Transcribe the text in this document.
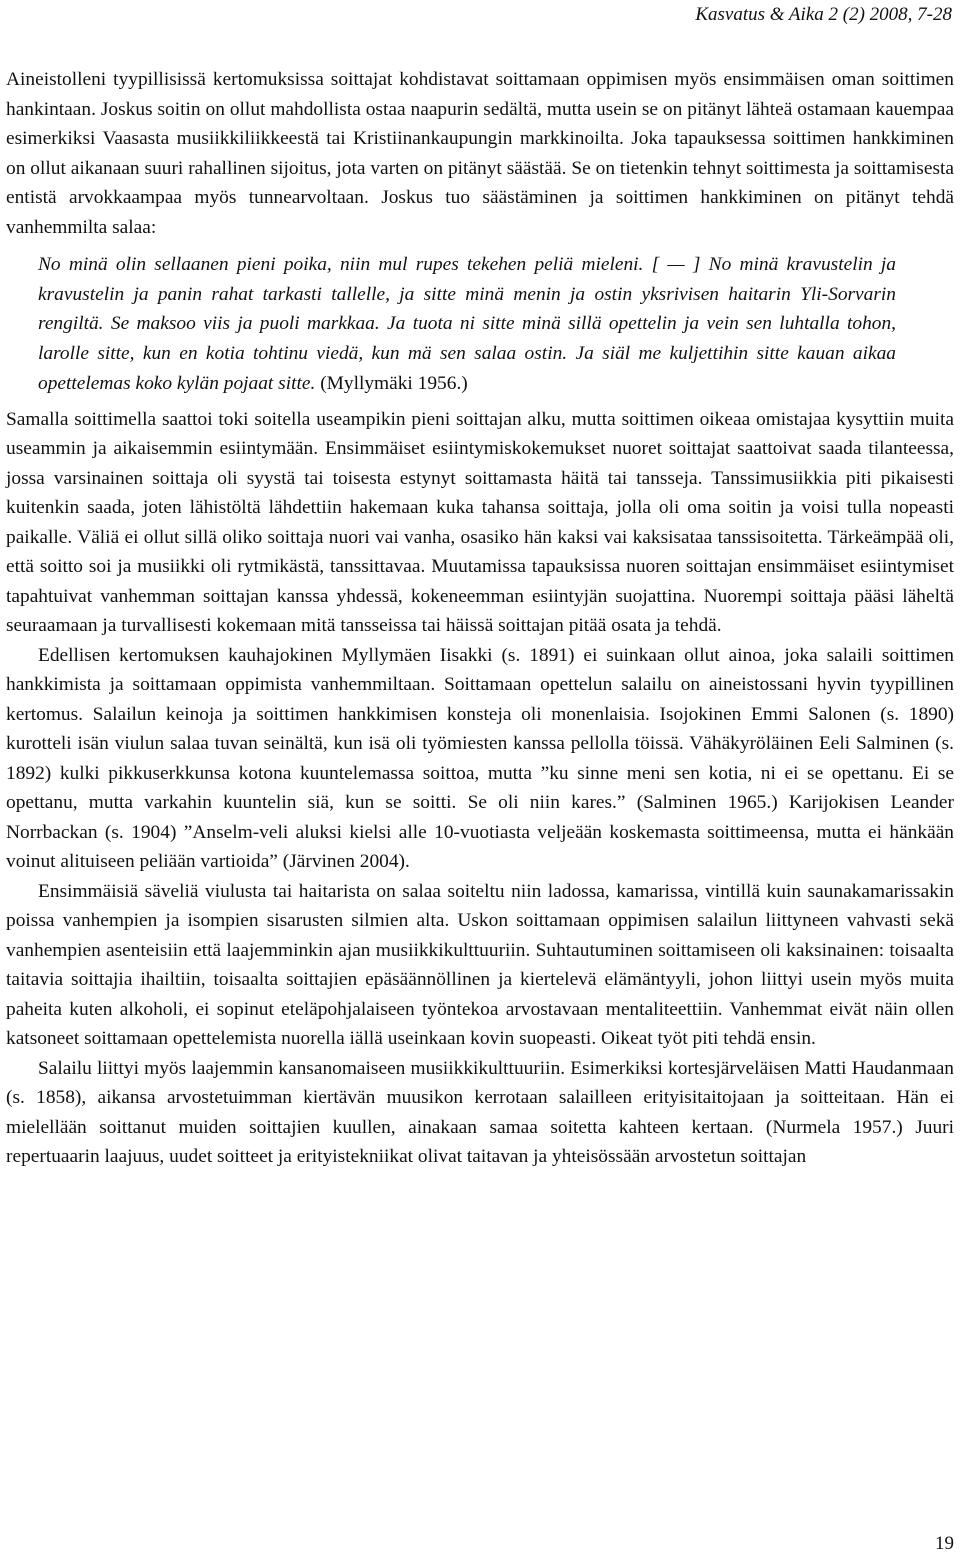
Kasvatus & Aika 2 (2) 2008, 7-28

Aineistolleni tyypillisissä kertomuksissa soittajat kohdistavat soittamaan oppimisen myös ensimmäisen oman soittimen hankintaan. Joskus soitin on ollut mahdollista ostaa naapurin sedältä, mutta usein se on pitänyt lähteä ostamaan kauempaa esimerkiksi Vaasasta musiikkiliikkeestä tai Kristiinankaupungin markkinoilta. Joka tapauksessa soittimen hankkiminen on ollut aikanaan suuri rahallinen sijoitus, jota varten on pitänyt säästää. Se on tietenkin tehnyt soittimesta ja soittamisesta entistä arvokkaampaa myös tunnearvoltaan. Joskus tuo säästäminen ja soittimen hankkiminen on pitänyt tehdä vanhemmilta salaa:

No minä olin sellaanen pieni poika, niin mul rupes tekehen peliä mieleni. [ — ] No minä kravustelin ja kravustelin ja panin rahat tarkasti tallelle, ja sitte minä menin ja ostin yksrivisen haitarin Yli-Sorvarin rengiltä. Se maksoo viis ja puoli markkaa. Ja tuota ni sitte minä sillä opettelin ja vein sen luhtalla tohon, larolle sitte, kun en kotia tohtinu viedä, kun mä sen salaa ostin. Ja siäl me kuljettihin sitte kauan aikaa opettelemas koko kylän pojaat sitte. (Myllymäki 1956.)

Samalla soittimella saattoi toki soitella useampikin pieni soittajan alku, mutta soittimen oikeaa omistajaa kysyttiin muita useammin ja aikaisemmin esiintymään. Ensimmäiset esiintymiskokemukset nuoret soittajat saattoivat saada tilanteessa, jossa varsinainen soittaja oli syystä tai toisesta estynyt soittamasta häitä tai tansseja. Tanssimusiikkia piti pikaisesti kuitenkin saada, joten lähistöltä lähdettiin hakemaan kuka tahansa soittaja, jolla oli oma soitin ja voisi tulla nopeasti paikalle. Väliä ei ollut sillä oliko soittaja nuori vai vanha, osasiko hän kaksi vai kaksisataa tanssisoitetta. Tärkeämpää oli, että soitto soi ja musiikki oli rytmikästä, tanssittavaa. Muutamissa tapauksissa nuoren soittajan ensimmäiset esiintymiset tapahtuivat vanhemman soittajan kanssa yhdessä, kokeneemman esiintyjän suojattina. Nuorempi soittaja pääsi läheltä seuraamaan ja turvallisesti kokemaan mitä tansseissa tai häissä soittajan pitää osata ja tehdä.

Edellisen kertomuksen kauhajokinen Myllymäen Iisakki (s. 1891) ei suinkaan ollut ainoa, joka salaili soittimen hankkimista ja soittamaan oppimista vanhemmiltaan. Soittamaan opettelun salailu on aineistossani hyvin tyypillinen kertomus. Salailun keinoja ja soittimen hankkimisen konsteja oli monenlaisia. Isojokinen Emmi Salonen (s. 1890) kurotteli isän viulun salaa tuvan seinältä, kun isä oli työmiesten kanssa pellolla töissä. Vähäkyröläinen Eeli Salminen (s. 1892) kulki pikkuserkkunsa kotona kuuntelemassa soittoa, mutta ”ku sinne meni sen kotia, ni ei se opettanu. Ei se opettanu, mutta varkahin kuuntelin siä, kun se soitti. Se oli niin kares.” (Salminen 1965.) Karijokisen Leander Norrbackan (s. 1904) ”Anselm-veli aluksi kielsi alle 10-vuotiasta veljeään koskemasta soittimeensa, mutta ei hänkään voinut alituiseen peliään vartioida” (Järvinen 2004).

Ensimmäisiä säveliä viulusta tai haitarista on salaa soiteltu niin ladossa, kamarissa, vintillä kuin saunakamarissakin poissa vanhempien ja isompien sisarusten silmien alta. Uskon soittamaan oppimisen salailun liittyneen vahvasti sekä vanhempien asenteisiin että laajemminkin ajan musiikkikulttuuriin. Suhtautuminen soittamiseen oli kaksinainen: toisaalta taitavia soittajia ihailtiin, toisaalta soittajien epäsäännöllinen ja kiertelevä elämäntyyli, johon liittyi usein myös muita paheita kuten alkoholi, ei sopinut eteläpohjalaiseen työntekoa arvostavaan mentaliteettiin. Vanhemmat eivät näin ollen katsoneet soittamaan opettelemista nuorella iällä useinkaan kovin suopeasti. Oikeat työt piti tehdä ensin.

Salailu liittyi myös laajemmin kansanomaiseen musiikkikulttuuriin. Esimerkiksi kortesjärveläisen Matti Haudanmaan (s. 1858), aikansa arvostetuimman kiertävän muusikon kerrotaan salailleen erityisitaitojaan ja soitteitaan. Hän ei mielellään soittanut muiden soittajien kuullen, ainakaan samaa soitetta kahteen kertaan. (Nurmela 1957.) Juuri repertuaarin laajuus, uudet soitteet ja erityistekniikat olivat taitavan ja yhteisössään arvostetun soittajan

19
